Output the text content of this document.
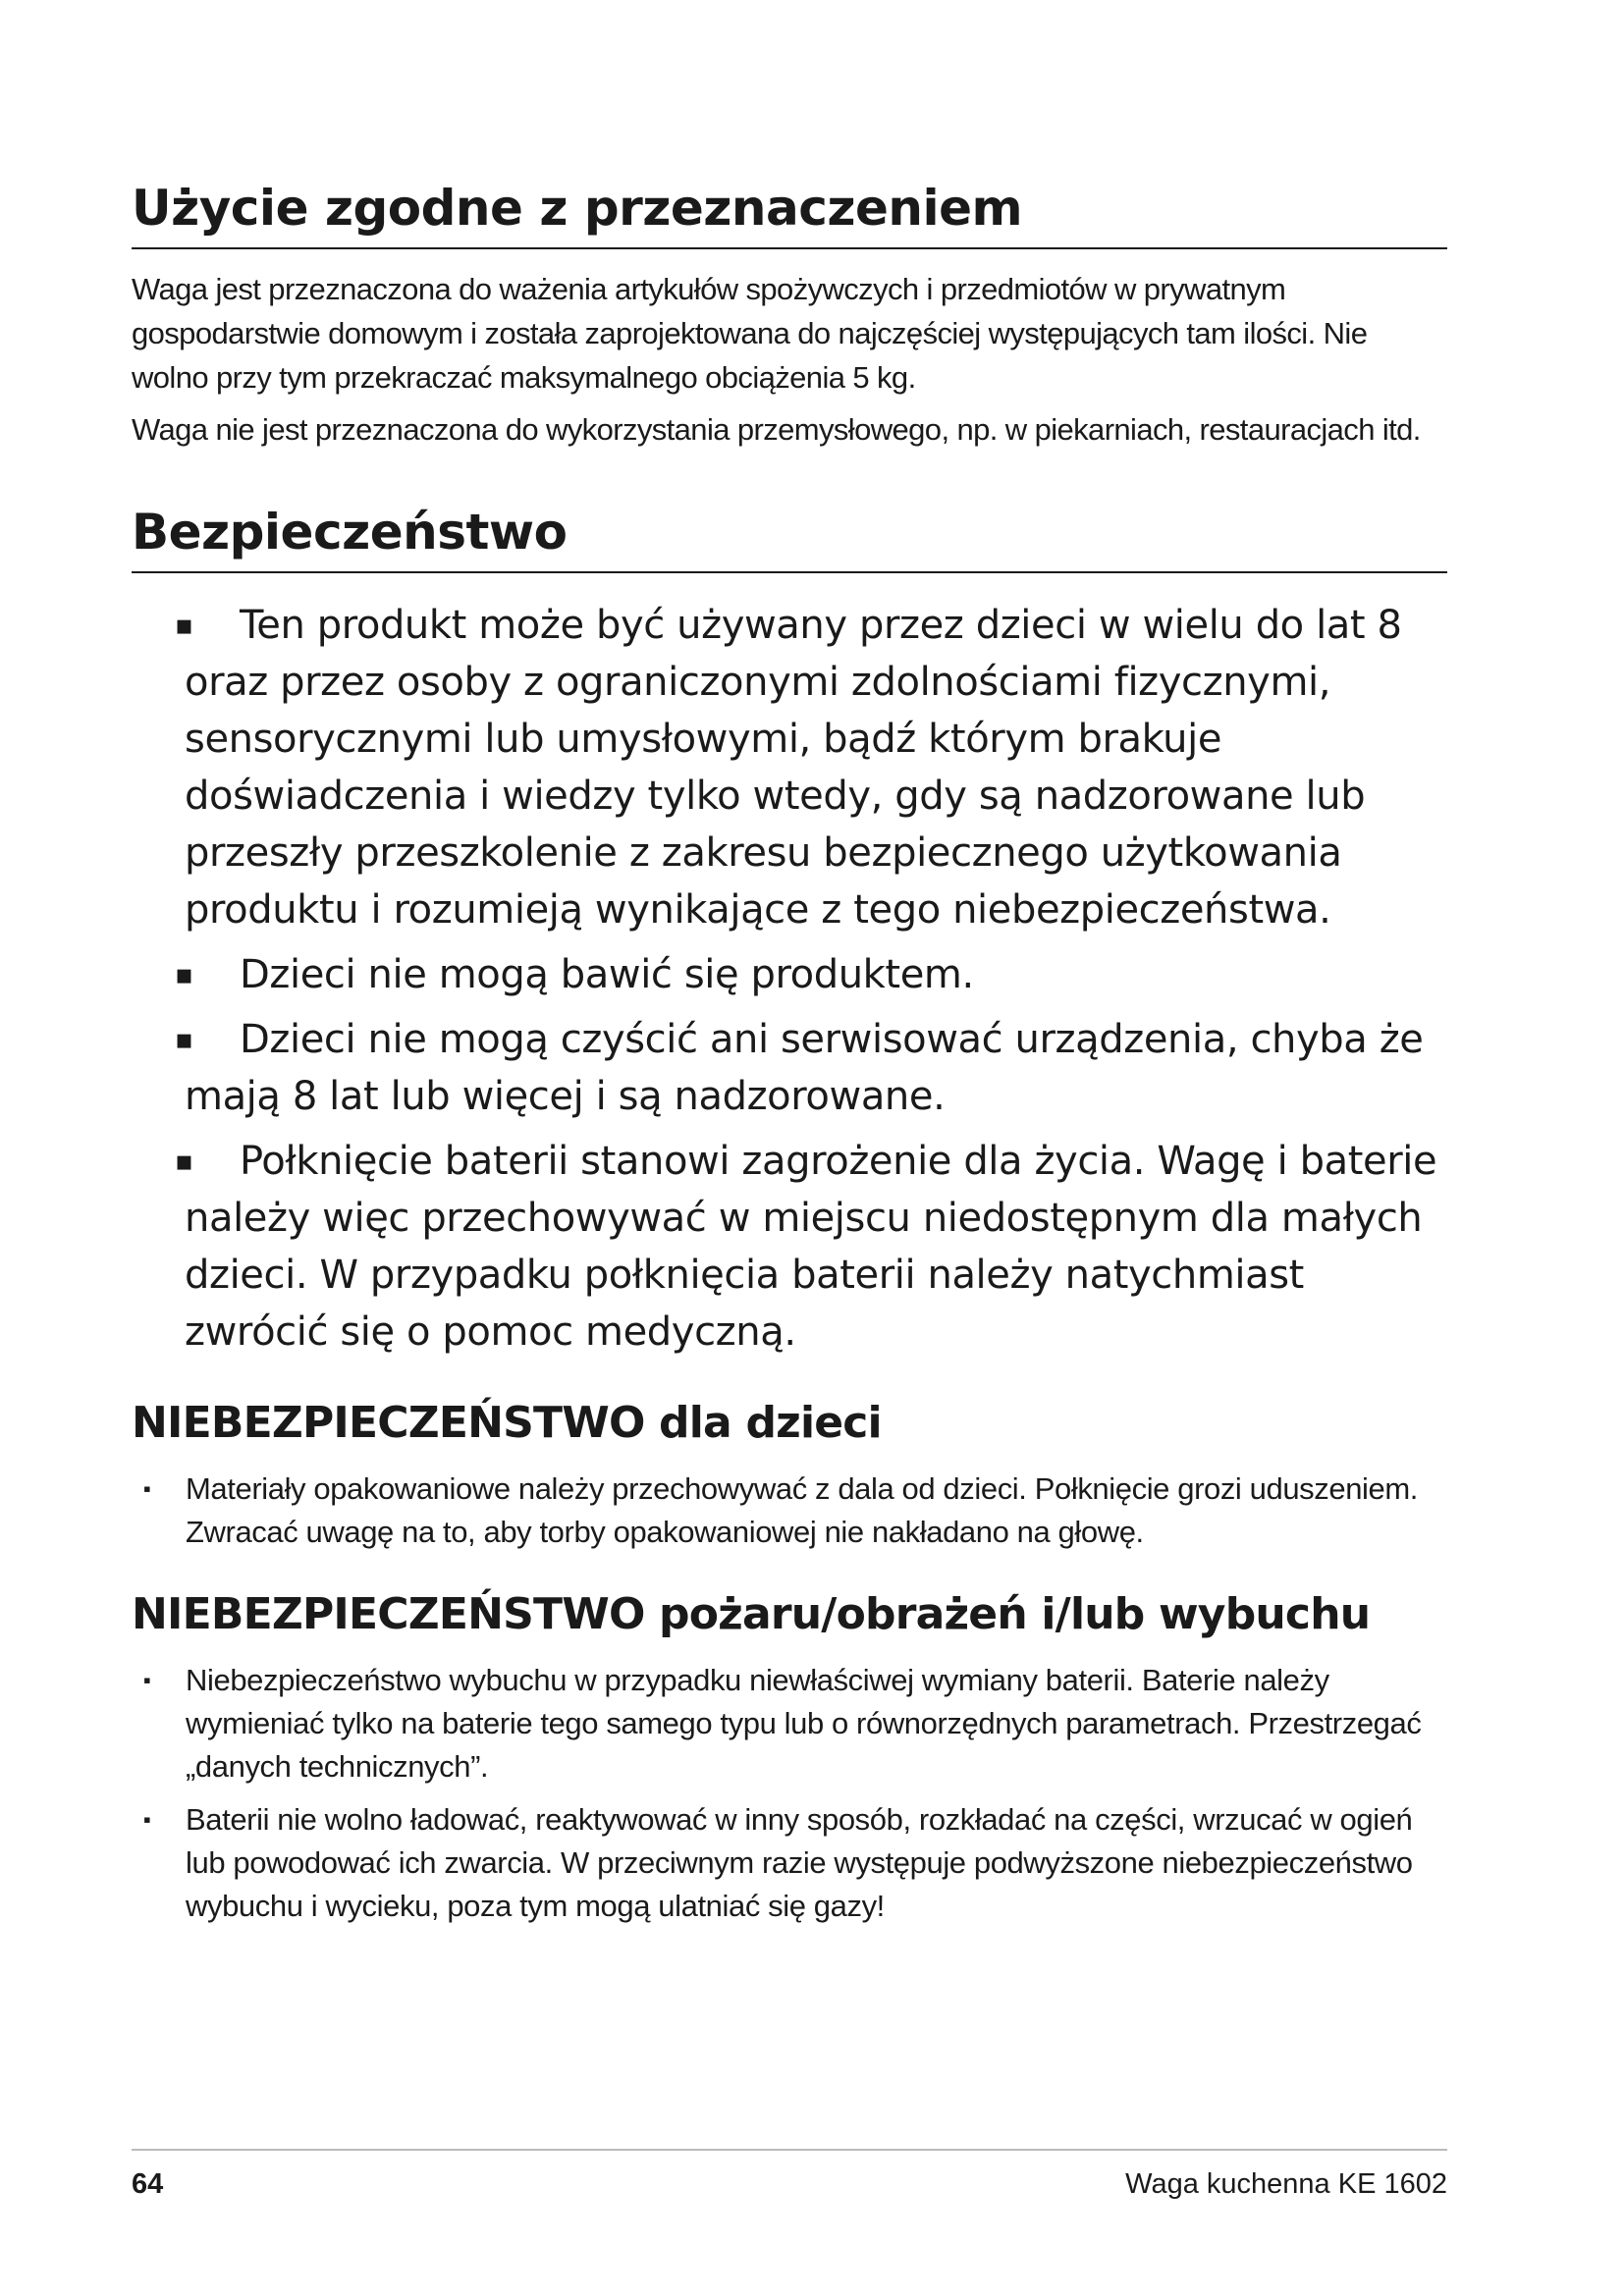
Użycie zgodne z przeznaczeniem

Waga jest przeznaczona do ważenia artykułów spożywczych i przedmiotów w prywatnym gospodarstwie domowym i została zaprojektowana do najczęściej występujących tam ilości. Nie wolno przy tym przekraczać maksymalnego obciążenia 5 kg.

Waga nie jest przeznaczona do wykorzystania przemysłowego, np. w piekarniach, restauracjach itd.

Bezpieczeństwo
▪ Ten produkt może być używany przez dzieci w wielu do lat 8 oraz przez osoby z ograniczonymi zdolnościami fizycznymi, sensorycznymi lub umysłowymi, bądź którym brakuje doświadczenia i wiedzy tylko wtedy, gdy są nadzorowane lub przeszły przeszkolenie z zakresu bezpiecznego użytkowania produktu i rozumieją wynikające z tego niebezpieczeństwa.
▪ Dzieci nie mogą bawić się produktem.
▪ Dzieci nie mogą czyścić ani serwisować urządzenia, chyba że mają 8 lat lub więcej i są nadzorowane.
▪ Połknięcie baterii stanowi zagrożenie dla życia. Wagę i baterie należy więc przechowywać w miejscu niedostępnym dla małych dzieci. W przypadku połknięcia baterii należy natychmiast zwrócić się o pomoc medyczną.
NIEBEZPIECZEŃSTWO dla dzieci
▪ Materiały opakowaniowe należy przechowywać z dala od dzieci. Połknięcie grozi uduszeniem. Zwracać uwagę na to, aby torby opakowaniowej nie nakładano na głowę.
NIEBEZPIECZEŃSTWO pożaru/obrażeń i/lub wybuchu
▪ Niebezpieczeństwo wybuchu w przypadku niewłaściwej wymiany baterii. Baterie należy wymieniać tylko na baterie tego samego typu lub o równorzędnych parametrach. Przestrzegać „danych technicznych”.
▪ Baterii nie wolno ładować, reaktywować w inny sposób, rozkładać na części, wrzucać w ogień lub powodować ich zwarcia. W przeciwnym razie występuje podwyższone niebezpieczeństwo wybuchu i wycieku, poza tym mogą ulatniać się gazy!
64	Waga kuchenna KE 1602
